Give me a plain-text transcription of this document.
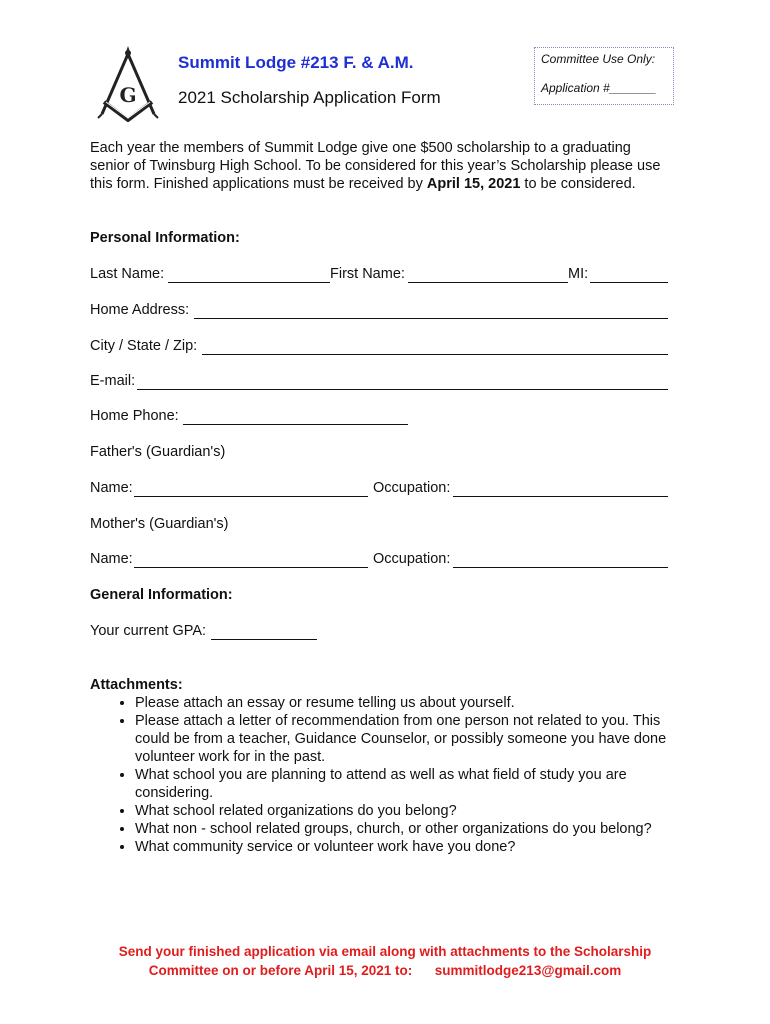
G
Summit Lodge #213 F. & A.M.
2021 Scholarship Application Form
Committee Use Only:
Application #_______
Each year the members of Summit Lodge give one $500 scholarship to a graduating senior of Twinsburg High School. To be considered for this year’s Scholarship please use this form. Finished applications must be received by April 15, 2021 to be considered.
Personal Information:
Last Name:	First Name:	MI:
Home Address:
City / State / Zip:
E-mail:
Home Phone:
Father's (Guardian's)
Name:	Occupation:
Mother's (Guardian's)
Name:	Occupation:
General Information:
Your current GPA:
Attachments:
• Please attach an essay or resume telling us about yourself.
• Please attach a letter of recommendation from one person not related to you. This could be from a teacher, Guidance Counselor, or possibly someone you have done volunteer work for in the past.
• What school you are planning to attend as well as what field of study you are considering.
• What school related organizations do you belong?
• What non - school related groups, church, or other organizations do you belong?
• What community service or volunteer work have you done?
Send your finished application via email along with attachments to the Scholarship
Committee on or before April 15, 2021 to:      summitlodge213@gmail.com
